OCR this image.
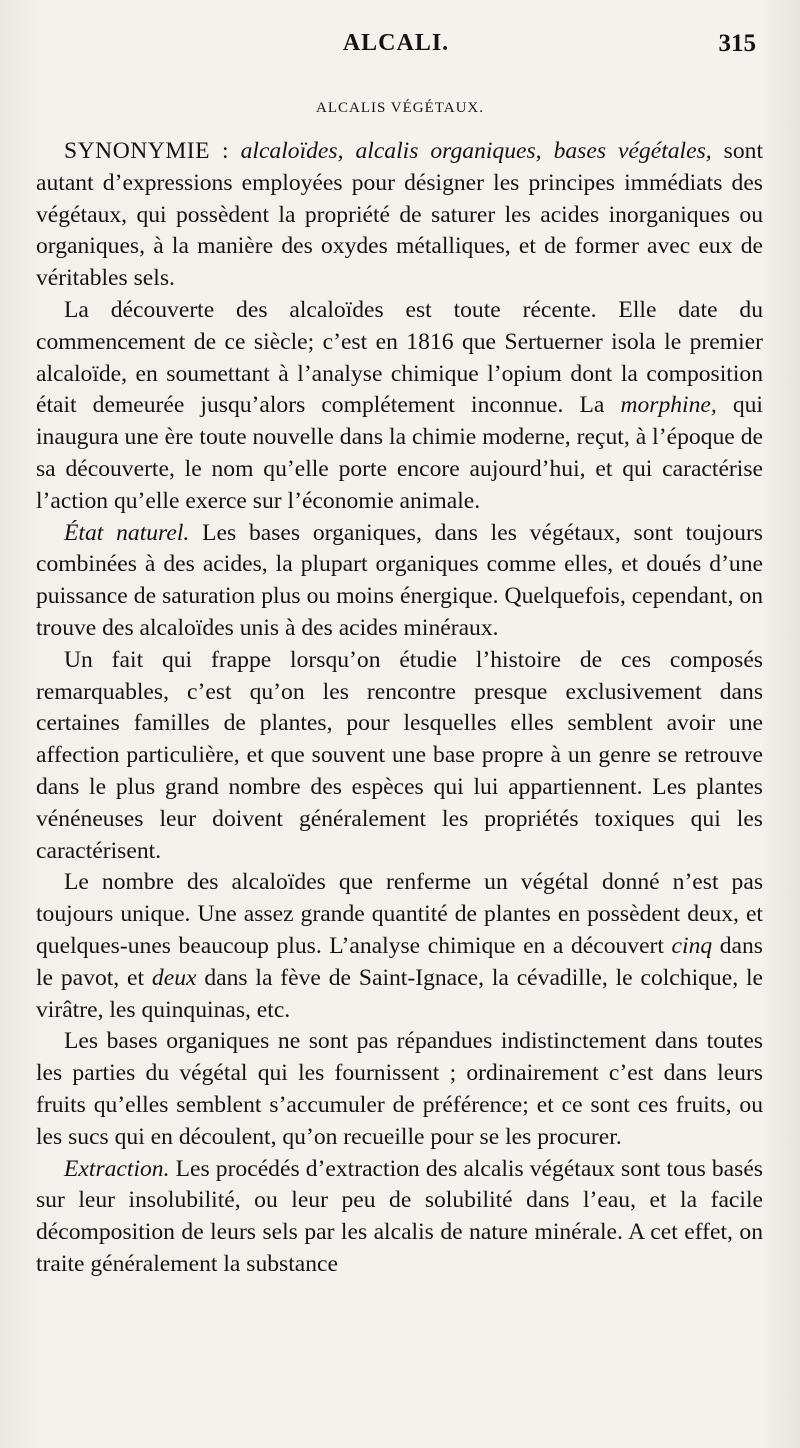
ALCALI.	315
ALCALIS VÉGÉTAUX.

SYNONYMIE : alcaloïdes, alcalis organiques, bases végétales, sont autant d’expressions employées pour désigner les principes immédiats des végétaux, qui possèdent la propriété de saturer les acides inorganiques ou organiques, à la manière des oxydes métalliques, et de former avec eux de véritables sels.

La découverte des alcaloïdes est toute récente. Elle date du commencement de ce siècle; c’est en 1816 que Sertuerner isola le premier alcaloïde, en soumettant à l’analyse chimique l’opium dont la composition était demeurée jusqu’alors complétement inconnue. La morphine, qui inaugura une ère toute nouvelle dans la chimie moderne, reçut, à l’époque de sa découverte, le nom qu’elle porte encore aujourd’hui, et qui caractérise l’action qu’elle exerce sur l’économie animale.

État naturel. Les bases organiques, dans les végétaux, sont toujours combinées à des acides, la plupart organiques comme elles, et doués d’une puissance de saturation plus ou moins énergique. Quelquefois, cependant, on trouve des alcaloïdes unis à des acides minéraux.

Un fait qui frappe lorsqu’on étudie l’histoire de ces composés remarquables, c’est qu’on les rencontre presque exclusivement dans certaines familles de plantes, pour lesquelles elles semblent avoir une affection particulière, et que souvent une base propre à un genre se retrouve dans le plus grand nombre des espèces qui lui appartiennent. Les plantes vénéneuses leur doivent généralement les propriétés toxiques qui les caractérisent.

Le nombre des alcaloïdes que renferme un végétal donné n’est pas toujours unique. Une assez grande quantité de plantes en possèdent deux, et quelques-unes beaucoup plus. L’analyse chimique en a découvert cinq dans le pavot, et deux dans la fève de Saint-Ignace, la cévadille, le colchique, le virâtre, les quinquinas, etc.

Les bases organiques ne sont pas répandues indistinctement dans toutes les parties du végétal qui les fournissent ; ordinairement c’est dans leurs fruits qu’elles semblent s’accumuler de préférence; et ce sont ces fruits, ou les sucs qui en découlent, qu’on recueille pour se les procurer.

Extraction. Les procédés d’extraction des alcalis végétaux sont tous basés sur leur insolubilité, ou leur peu de solubilité dans l’eau, et la facile décomposition de leurs sels par les alcalis de nature minérale. A cet effet, on traite généralement la substance
